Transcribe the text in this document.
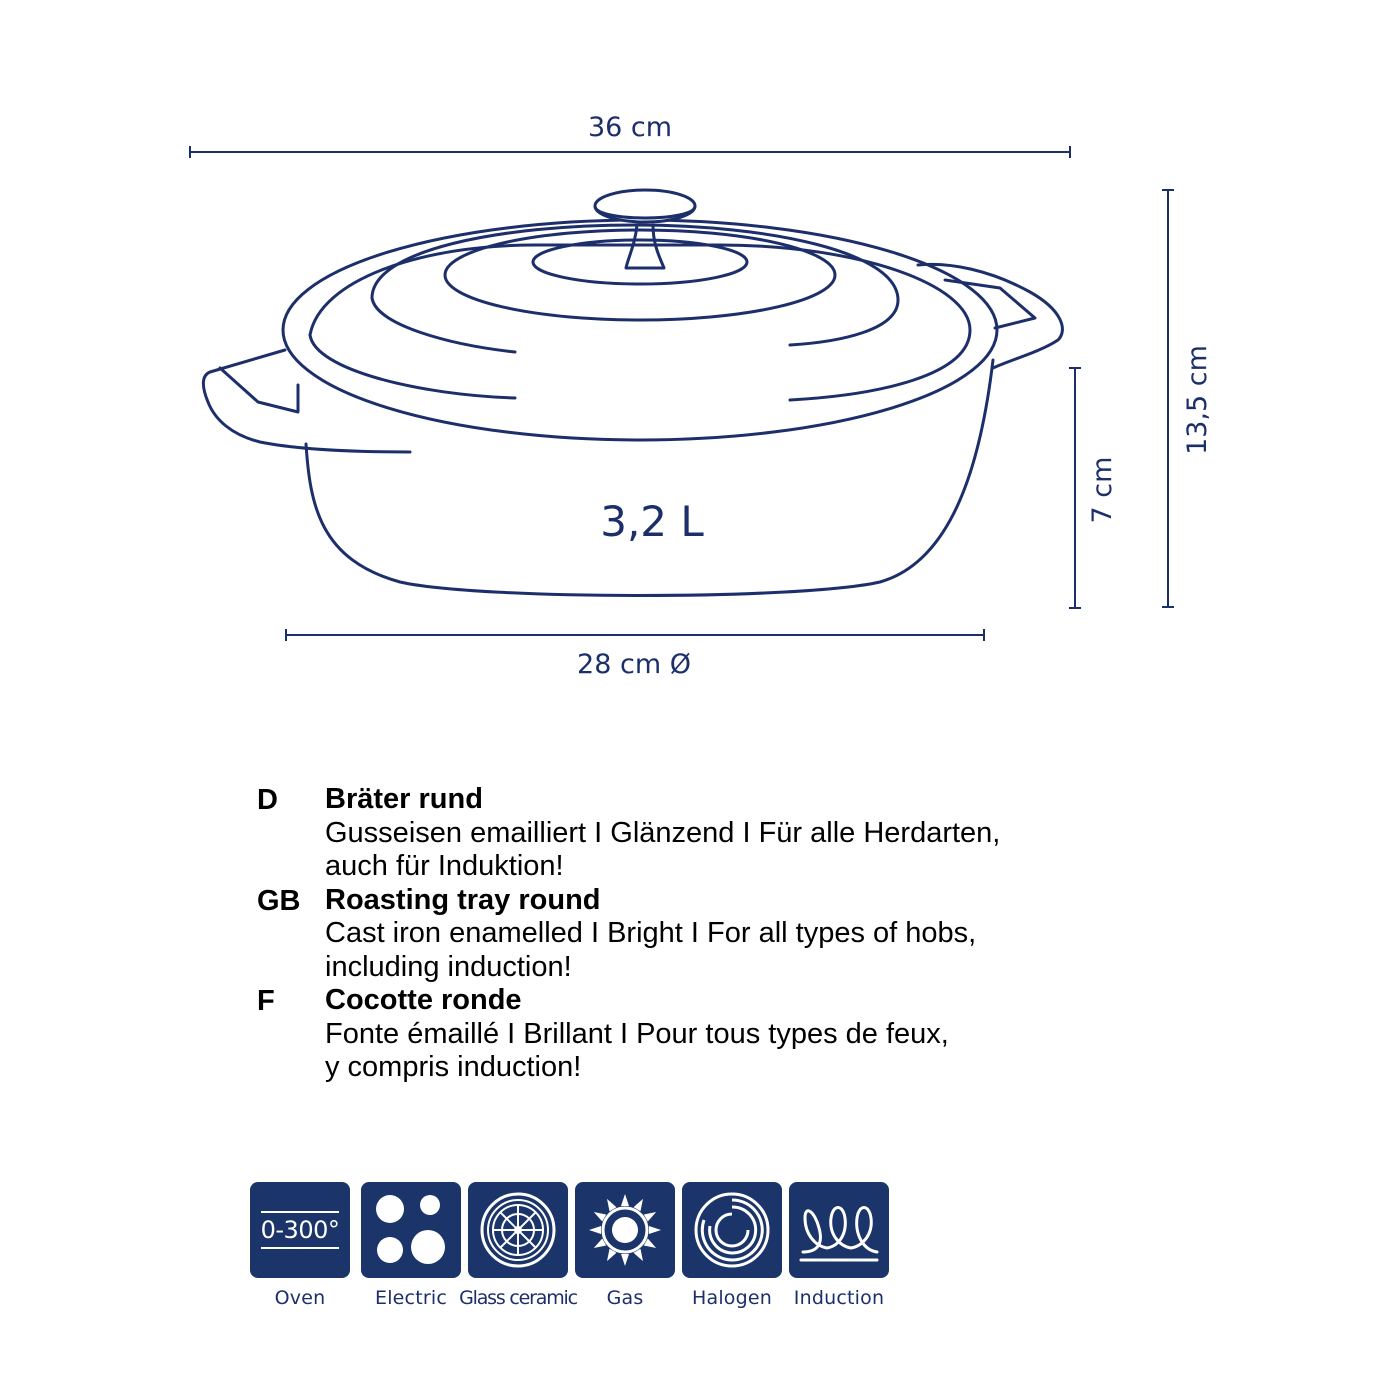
36 cm
28 cm Ø
13,5 cm
7 cm
3,2 L
D	Bräter rund
Gusseisen emailliert I Glänzend I Für alle Herdarten,
auch für Induktion!
GB Roasting tray round
Cast iron enamelled I Bright I For all types of hobs,
including induction!
F	Cocotte ronde
Fonte émaillé I Brillant I Pour tous types de feux,
y compris induction!
0-300°
Oven	Electric Glass ceramic	Gas	Halogen	Induction
